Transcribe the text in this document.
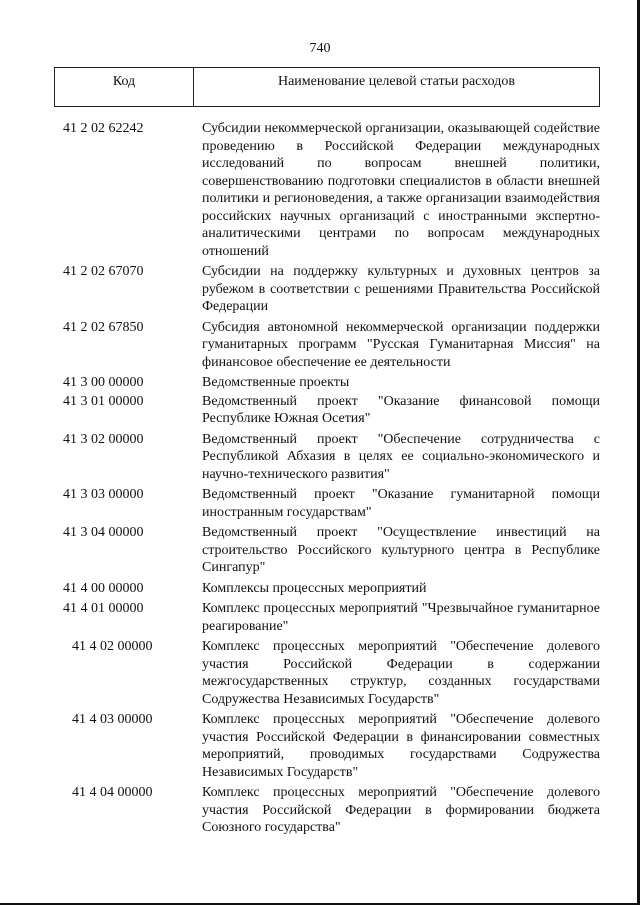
740
Код	Наименование целевой статьи расходов
41 2 02 62242	Субсидии некоммерческой организации, оказывающей содействие проведению в Российской Федерации международных исследований по вопросам внешней политики, совершенствованию подготовки специалистов в области внешней политики и регионоведения, а также организации взаимодействия российских научных организаций с иностранными экспертно-аналитическими центрами по вопросам международных отношений
41 2 02 67070	Субсидии на поддержку культурных и духовных центров за рубежом в соответствии с решениями Правительства Российской Федерации
41 2 02 67850	Субсидия автономной некоммерческой организации поддержки гуманитарных программ "Русская Гуманитарная Миссия" на финансовое обеспечение ее деятельности
41 3 00 00000	Ведомственные проекты
41 3 01 00000	Ведомственный проект "Оказание финансовой помощи Республике Южная Осетия"
41 3 02 00000	Ведомственный проект "Обеспечение сотрудничества с Республикой Абхазия в целях ее социально-экономического и научно-технического развития"
41 3 03 00000	Ведомственный проект "Оказание гуманитарной помощи иностранным государствам"
41 3 04 00000	Ведомственный проект "Осуществление инвестиций на строительство Российского культурного центра в Республике Сингапур"
41 4 00 00000	Комплексы процессных мероприятий
41 4 01 00000	Комплекс процессных мероприятий "Чрезвычайное гуманитарное реагирование"
41 4 02 00000	Комплекс процессных мероприятий "Обеспечение долевого участия Российской Федерации в содержании межгосударственных структур, созданных государствами Содружества Независимых Государств"
41 4 03 00000	Комплекс процессных мероприятий "Обеспечение долевого участия Российской Федерации в финансировании совместных мероприятий, проводимых государствами Содружества Независимых Государств"
41 4 04 00000	Комплекс процессных мероприятий "Обеспечение долевого участия Российской Федерации в формировании бюджета Союзного государства"
